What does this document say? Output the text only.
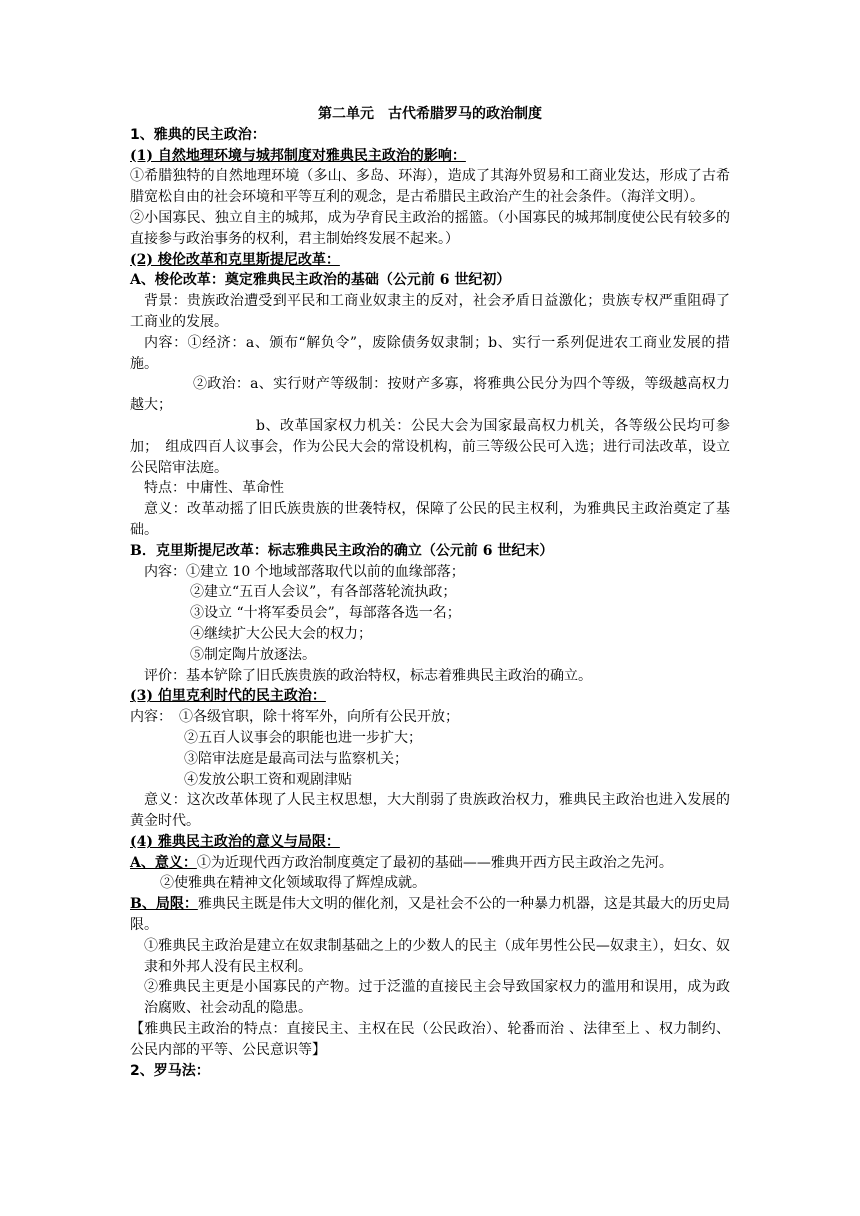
第二单元　古代希腊罗马的政治制度
1、雅典的民主政治：
(1) 自然地理环境与城邦制度对雅典民主政治的影响：
①希腊独特的自然地理环境（多山、多岛、环海），造成了其海外贸易和工商业发达，形成了古希腊宽松自由的社会环境和平等互利的观念，是古希腊民主政治产生的社会条件。（海洋文明）。
②小国寡民、独立自主的城邦，成为孕育民主政治的摇篮。（小国寡民的城邦制度使公民有较多的直接参与政治事务的权利，君主制始终发展不起来。）
(2) 梭伦改革和克里斯提尼改革：
A、梭伦改革：奠定雅典民主政治的基础（公元前 6 世纪初）
背景：贵族政治遭受到平民和工商业奴隶主的反对，社会矛盾日益激化；贵族专权严重阻碍了工商业的发展。
内容：①经济：a、颁布“解负令”，废除债务奴隶制；b、实行一系列促进农工商业发展的措施。
②政治：a、实行财产等级制：按财产多寡，将雅典公民分为四个等级，等级越高权力越大；
b、改革国家权力机关：公民大会为国家最高权力机关，各等级公民均可参加；　组成四百人议事会，作为公民大会的常设机构，前三等级公民可入选；进行司法改革，设立公民陪审法庭。
特点：中庸性、革命性
意义：改革动摇了旧氏族贵族的世袭特权，保障了公民的民主权利，为雅典民主政治奠定了基础。
B．克里斯提尼改革：标志雅典民主政治的确立（公元前 6 世纪末）
内容：①建立 10 个地域部落取代以前的血缘部落；
②建立“五百人会议”，有各部落轮流执政；
③设立 “十将军委员会”，每部落各选一名；
④继续扩大公民大会的权力；
⑤制定陶片放逐法。
评价：基本铲除了旧氏族贵族的政治特权，标志着雅典民主政治的确立。
(3) 伯里克利时代的民主政治：
内容：　①各级官职，除十将军外，向所有公民开放；
②五百人议事会的职能也进一步扩大；
③陪审法庭是最高司法与监察机关；
④发放公职工资和观剧津贴
意义：这次改革体现了人民主权思想，大大削弱了贵族政治权力，雅典民主政治也进入发展的黄金时代。
(4) 雅典民主政治的意义与局限：
A、意义：①为近现代西方政治制度奠定了最初的基础——雅典开西方民主政治之先河。
②使雅典在精神文化领域取得了辉煌成就。
B、局限：雅典民主既是伟大文明的催化剂，又是社会不公的一种暴力机器，这是其最大的历史局限。
①雅典民主政治是建立在奴隶制基础之上的少数人的民主（成年男性公民—奴隶主），妇女、奴隶和外邦人没有民主权利。
②雅典民主更是小国寡民的产物。过于泛滥的直接民主会导致国家权力的滥用和误用，成为政治腐败、社会动乱的隐患。
【雅典民主政治的特点：直接民主、主权在民（公民政治）、轮番而治 、法律至上 、权力制约、公民内部的平等、公民意识等】
2、罗马法：
